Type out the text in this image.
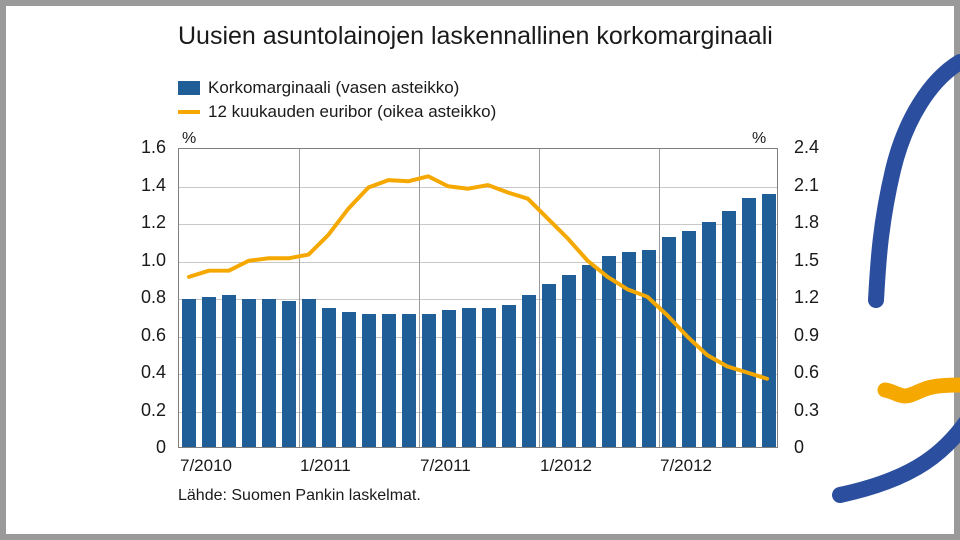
Uusien asuntolainojen laskennallinen korkomarginaali
Korkomarginaali (vasen asteikko)
12 kuukauden euribor (oikea asteikko)
%	%
0
0.2
0.4
0.6
0.8
1.0
1.2
1.4
1.6
0
0.3
0.6
0.9
1.2
1.5
1.8
2.1
2.4
7/2010	1/2011	7/2011	1/2012	7/2012
Lähde: Suomen Pankin laskelmat.
